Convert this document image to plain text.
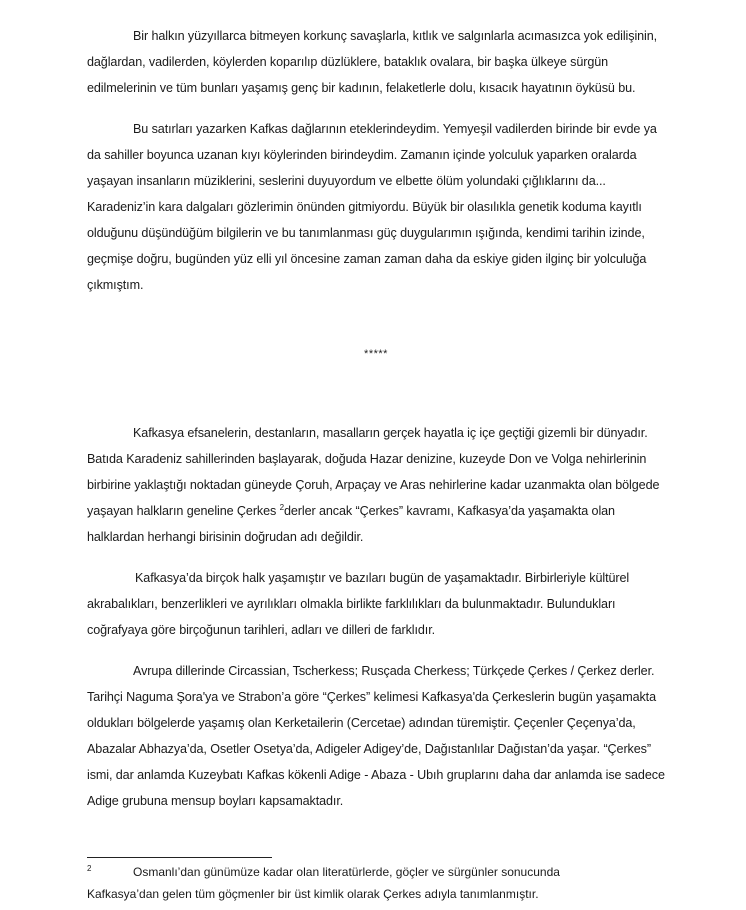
Bir halkın yüzyıllarca bitmeyen korkunç savaşlarla, kıtlık ve salgınlarla acımasızca yok edilişinin, dağlardan, vadilerden, köylerden koparılıp düzlüklere, bataklık ovalara, bir başka ülkeye sürgün edilmelerinin ve tüm bunları yaşamış genç bir kadının, felaketlerle dolu, kısacık hayatının öyküsü bu.

Bu satırları yazarken Kafkas dağlarının eteklerindeydim. Yemyeşil vadilerden birinde bir evde ya da sahiller boyunca uzanan kıyı köylerinden birindeydim. Zamanın içinde yolculuk yaparken oralarda yaşayan insanların müziklerini, seslerini duyuyordum ve elbette ölüm yolundaki çığlıklarını da... Karadeniz’in kara dalgaları gözlerimin önünden gitmiyordu. Büyük bir olasılıkla genetik koduma kayıtlı olduğunu düşündüğüm bilgilerin ve bu tanımlanması güç duygularımın ışığında, kendimi tarihin izinde, geçmişe doğru, bugünden yüz elli yıl öncesine zaman zaman daha da eskiye giden ilginç bir yolculuğa çıkmıştım.

*****

Kafkasya efsanelerin, destanların, masalların gerçek hayatla iç içe geçtiği gizemli bir dünyadır. Batıda Karadeniz sahillerinden başlayarak, doğuda Hazar denizine, kuzeyde Don ve Volga nehirlerinin birbirine yaklaştığı noktadan güneyde Çoruh, Arpaçay ve Aras nehirlerine kadar uzanmakta olan bölgede yaşayan halkların geneline Çerkes $^2$derler ancak “Çerkes” kavramı, Kafkasya’da yaşamakta olan halklardan herhangi birisinin doğrudan adı değildir.

Kafkasya’da birçok halk yaşamıştır ve bazıları bugün de yaşamaktadır. Birbirleriyle kültürel akrabalıkları, benzerlikleri ve ayrılıkları olmakla birlikte farklılıkları da bulunmaktadır. Bulundukları coğrafyaya göre birçoğunun tarihleri, adları ve dilleri de farklıdır.

Avrupa dillerinde Circassian, Tscherkess; Rusçada Cherkess; Türkçede Çerkes / Çerkez derler. Tarihçi Naguma Şora'ya ve Strabon’a göre “Çerkes” kelimesi Kafkasya'da Çerkeslerin bugün yaşamakta oldukları bölgelerde yaşamış olan Kerketailerin (Cercetae) adından türemiştir. Çeçenler Çeçenya’da, Abazalar Abhazya’da, Osetler Osetya’da, Adigeler Adigey’de, Dağıstanlılar Dağıstan’da yaşar. “Çerkes” ismi, dar anlamda Kuzeybatı Kafkas kökenli Adige - Abaza - Ubıh gruplarını daha dar anlamda ise sadece Adige grubuna mensup boyları kapsamaktadır.

2	Osmanlı’dan günümüze kadar olan literatürlerde, göçler ve sürgünler sonucunda
Kafkasya’dan gelen tüm göçmenler bir üst kimlik olarak Çerkes adıyla tanımlanmıştır.
